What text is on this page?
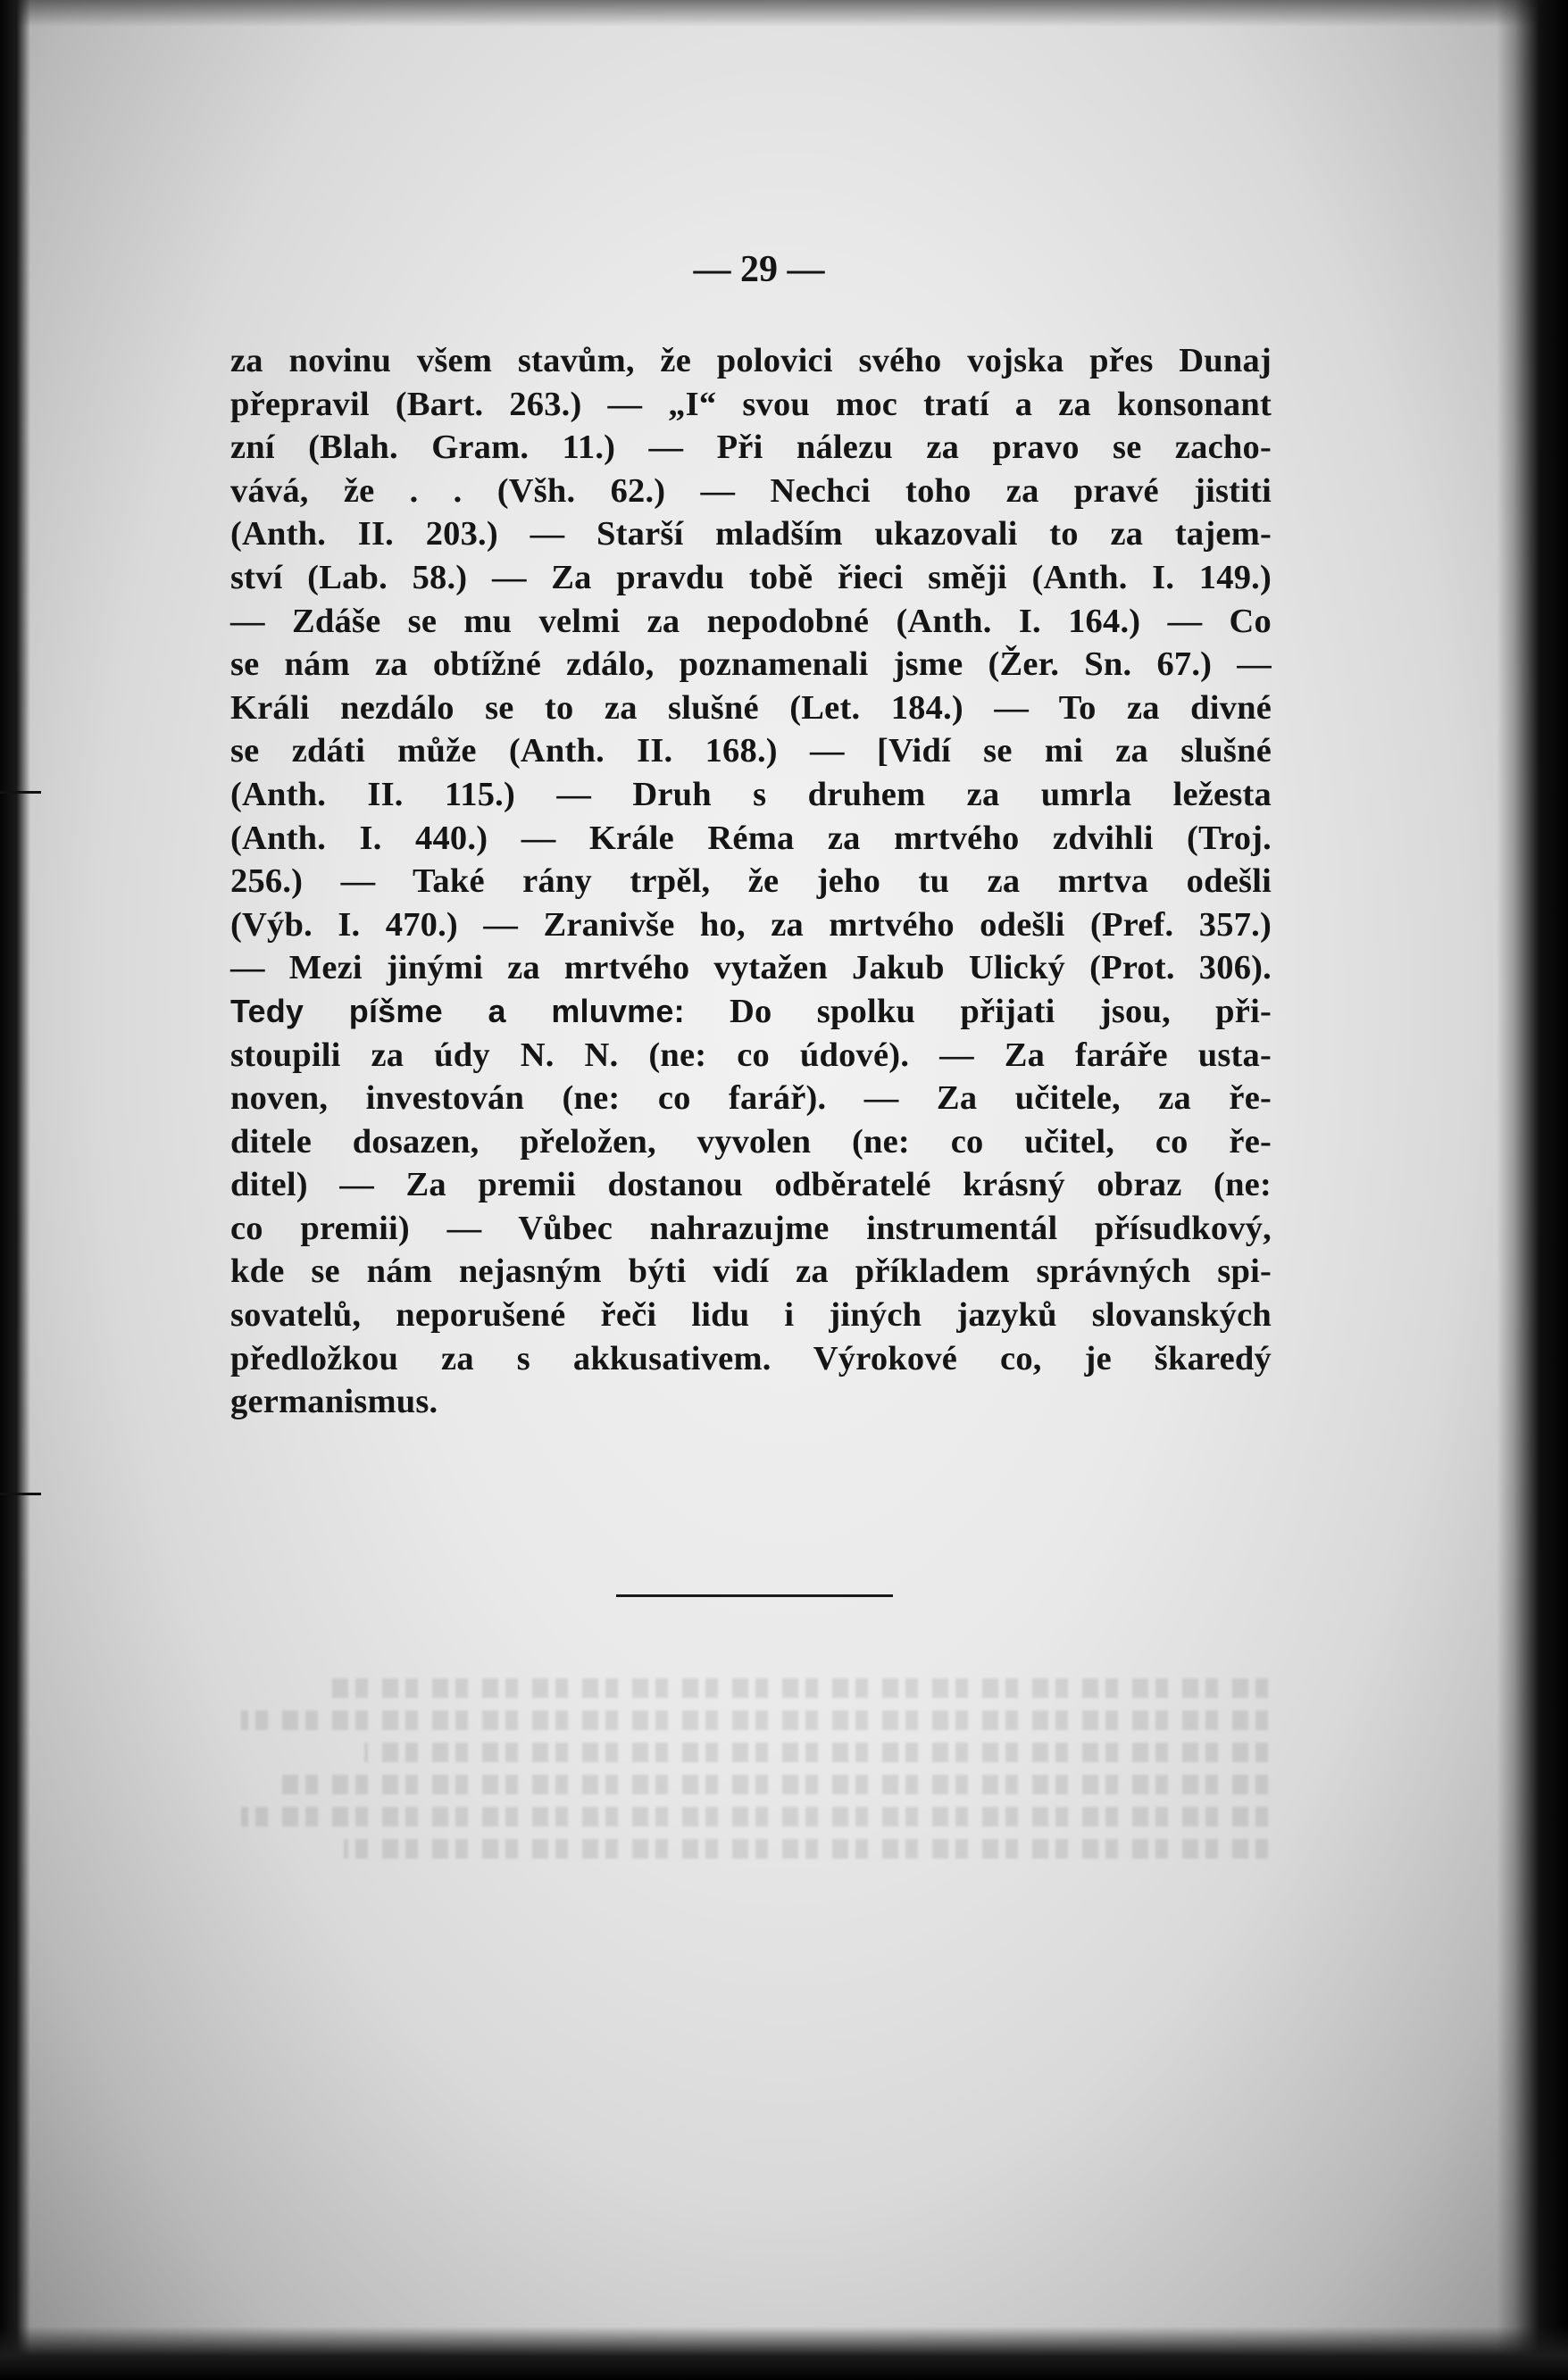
— 29 —
za novinu všem stavům, že polovici svého vojska přes Dunaj
přepravil (Bart. 263.) — „I“ svou moc tratí a za konsonant
zní (Blah. Gram. 11.) — Při nálezu za pravo se zacho-
vává, že . . (Všh. 62.) — Nechci toho za pravé jistiti
(Anth. II. 203.) — Starší mladším ukazovali to za tajem-
ství (Lab. 58.) — Za pravdu tobě řieci směji (Anth. I. 149.)
— Zdáše se mu velmi za nepodobné (Anth. I. 164.) — Co
se nám za obtížné zdálo, poznamenali jsme (Žer. Sn. 67.) —
Králi nezdálo se to za slušné (Let. 184.) — To za divné
se zdáti může (Anth. II. 168.) — [Vidí se mi za slušné
(Anth. II. 115.) — Druh s druhem za umrla ležesta
(Anth. I. 440.) — Krále Réma za mrtvého zdvihli (Troj.
256.) — Také rány trpěl, že jeho tu za mrtva odešli
(Výb. I. 470.) — Zranivše ho, za mrtvého odešli (Pref. 357.)
— Mezi jinými za mrtvého vytažen Jakub Ulický (Prot. 306).
Tedy píšme a mluvme: Do spolku přijati jsou, při-
stoupili za údy N. N. (ne: co údové). — Za faráře usta-
noven, investován (ne: co farář). — Za učitele, za ře-
ditele dosazen, přeložen, vyvolen (ne: co učitel, co ře-
ditel) — Za premii dostanou odběratelé krásný obraz (ne:
co premii) — Vůbec nahrazujme instrumentál přísudkový,
kde se nám nejasným býti vidí za příkladem správných spi-
sovatelů, neporušené řeči lidu i jiných jazyků slovanských
předložkou za s akkusativem. Výrokové co, je škaredý
germanismus.
